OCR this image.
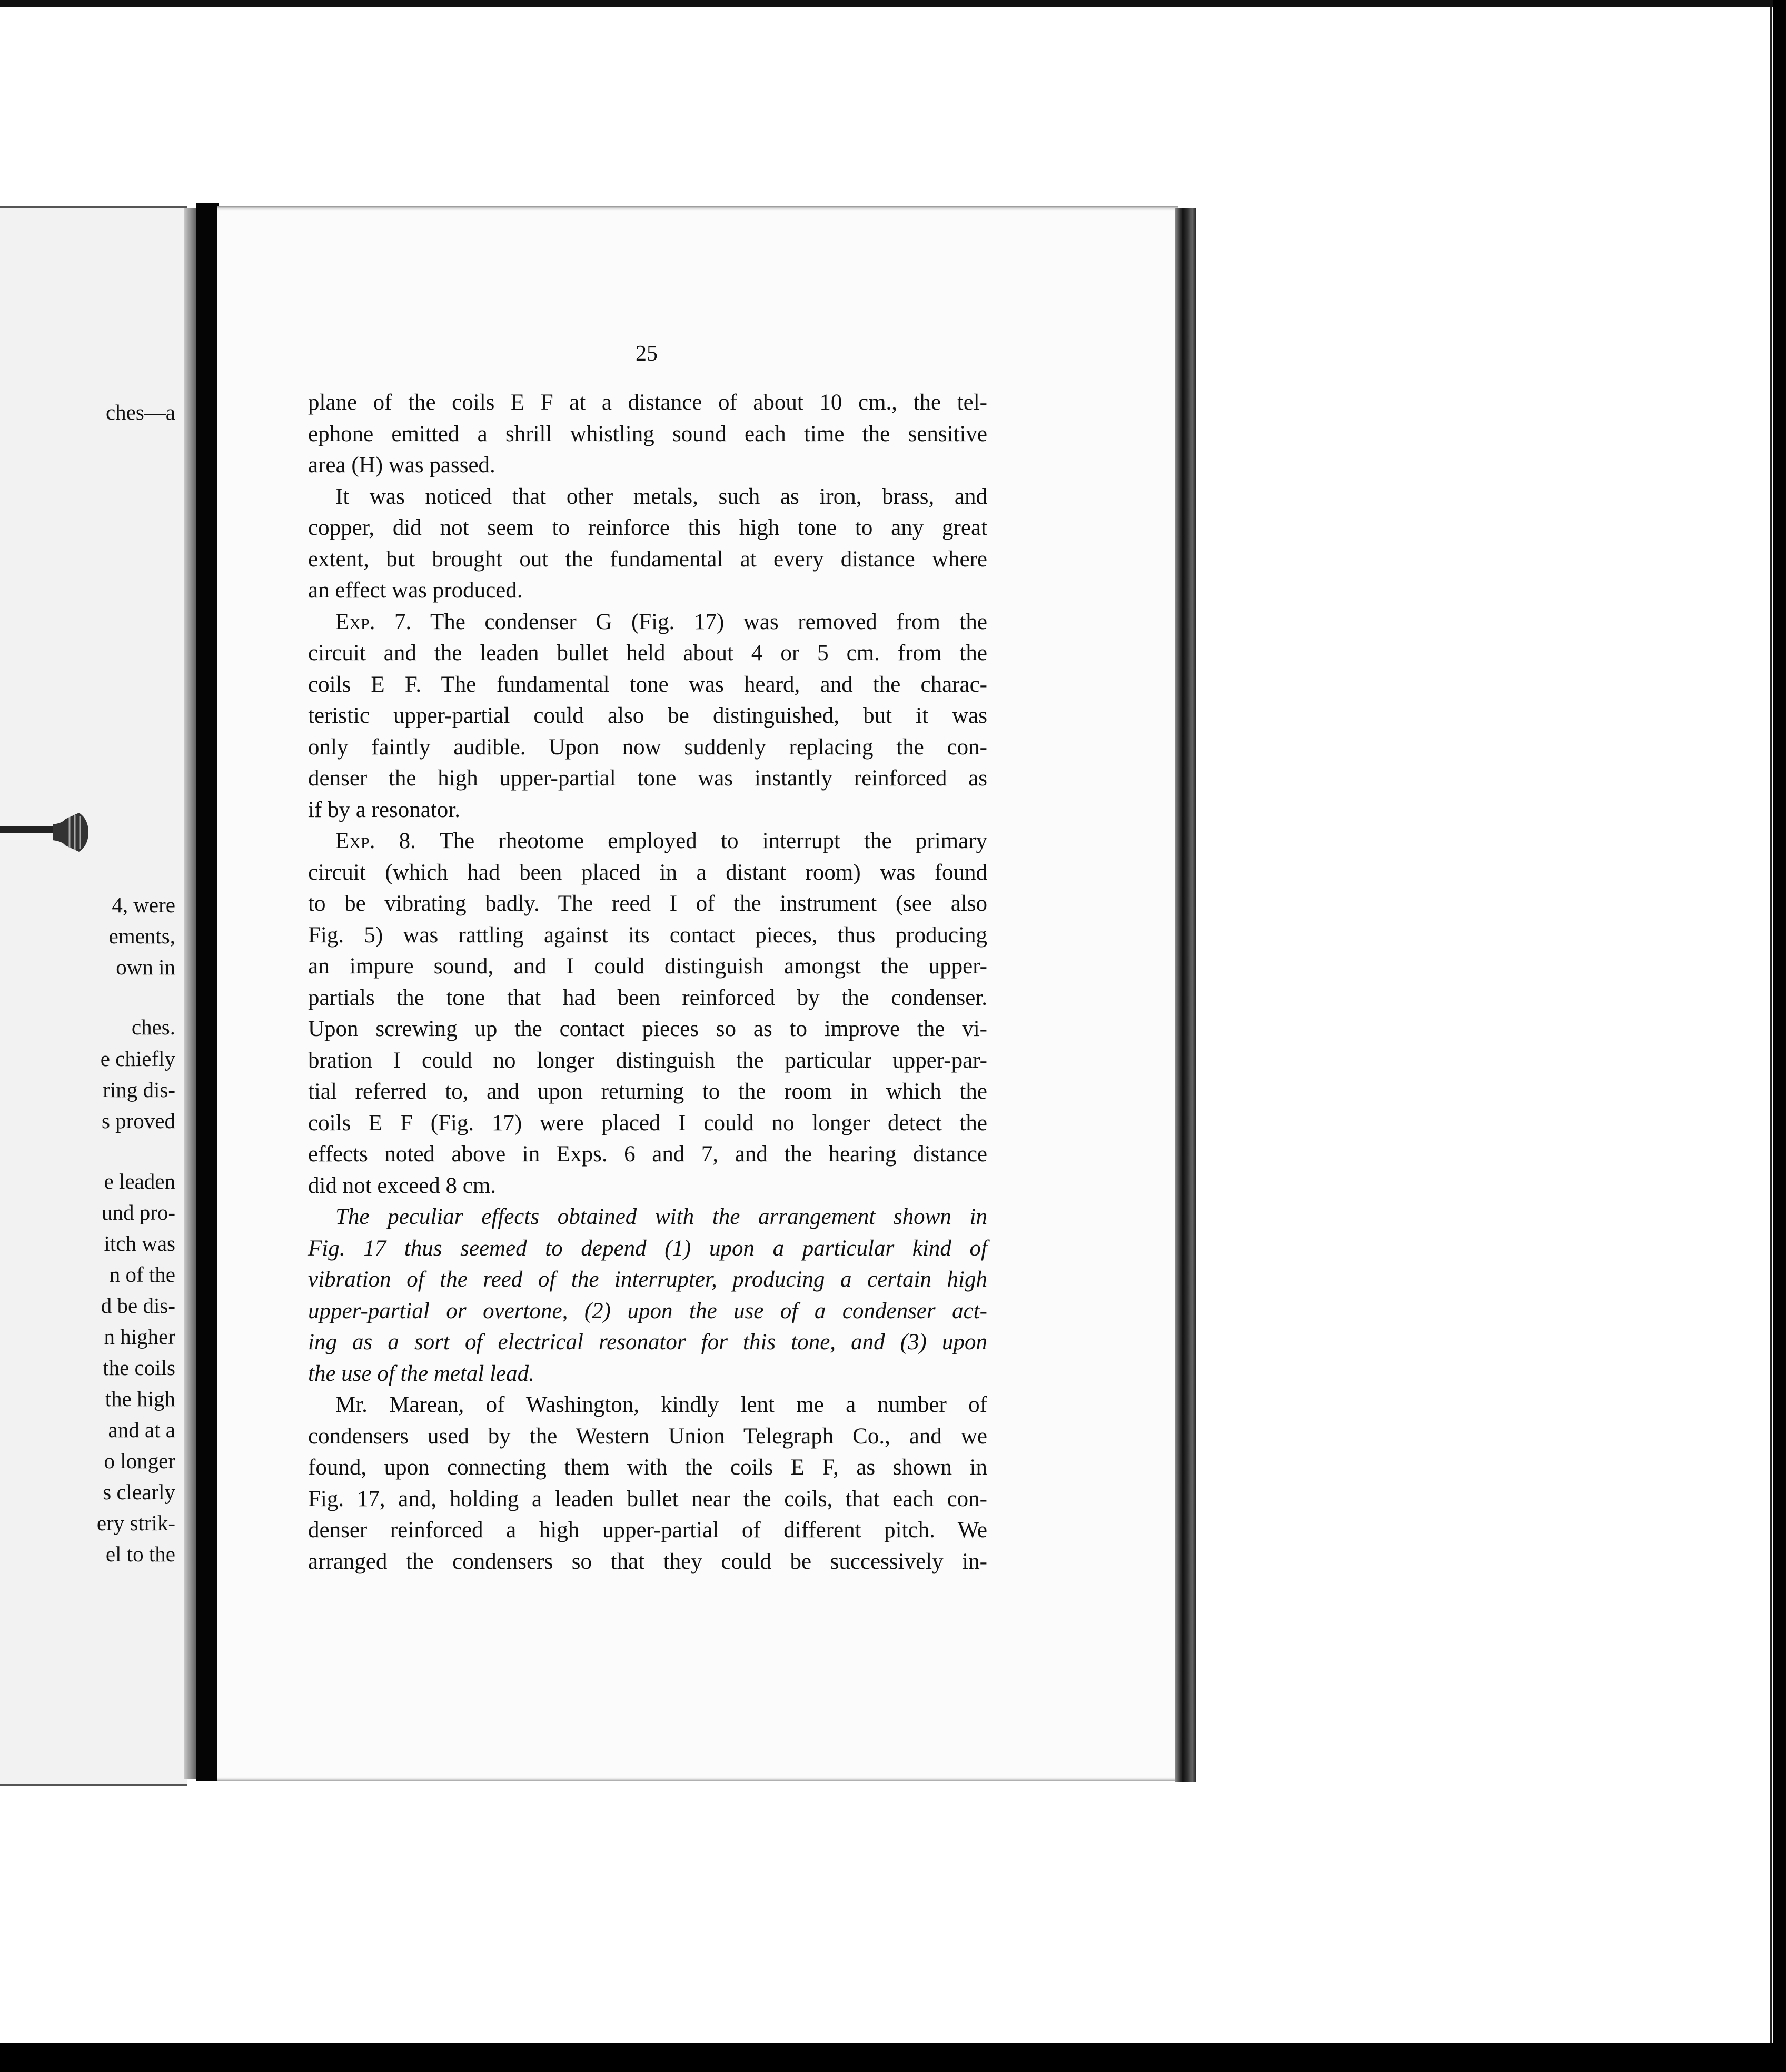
ches—a
4, were
ements,
own in
ches.
e chiefly
ring dis-
s proved
e leaden
und pro-
itch was
n of the
d be dis-
n higher
the coils
the high
and at a
o longer
s clearly
ery strik-
el to the
25
plane of the coils E F at a distance of about 10 cm., the tel-
ephone emitted a shrill whistling sound each time the sensitive
area (H) was passed.
It was noticed that other metals, such as iron, brass, and
copper, did not seem to reinforce this high tone to any great
extent, but brought out the fundamental at every distance where
an effect was produced.
Exp. 7. The condenser G (Fig. 17) was removed from the
circuit and the leaden bullet held about 4 or 5 cm. from the
coils E F. The fundamental tone was heard, and the charac-
teristic upper-partial could also be distinguished, but it was
only faintly audible. Upon now suddenly replacing the con-
denser the high upper-partial tone was instantly reinforced as
if by a resonator.
Exp. 8. The rheotome employed to interrupt the primary
circuit (which had been placed in a distant room) was found
to be vibrating badly. The reed I of the instrument (see also
Fig. 5) was rattling against its contact pieces, thus producing
an impure sound, and I could distinguish amongst the upper-
partials the tone that had been reinforced by the condenser.
Upon screwing up the contact pieces so as to improve the vi-
bration I could no longer distinguish the particular upper-par-
tial referred to, and upon returning to the room in which the
coils E F (Fig. 17) were placed I could no longer detect the
effects noted above in Exps. 6 and 7, and the hearing distance
did not exceed 8 cm.
The peculiar effects obtained with the arrangement shown in
Fig. 17 thus seemed to depend (1) upon a particular kind of
vibration of the reed of the interrupter, producing a certain high
upper-partial or overtone, (2) upon the use of a condenser act-
ing as a sort of electrical resonator for this tone, and (3) upon
the use of the metal lead.
Mr. Marean, of Washington, kindly lent me a number of
condensers used by the Western Union Telegraph Co., and we
found, upon connecting them with the coils E F, as shown in
Fig. 17, and, holding a leaden bullet near the coils, that each con-
denser reinforced a high upper-partial of different pitch. We
arranged the condensers so that they could be successively in-
